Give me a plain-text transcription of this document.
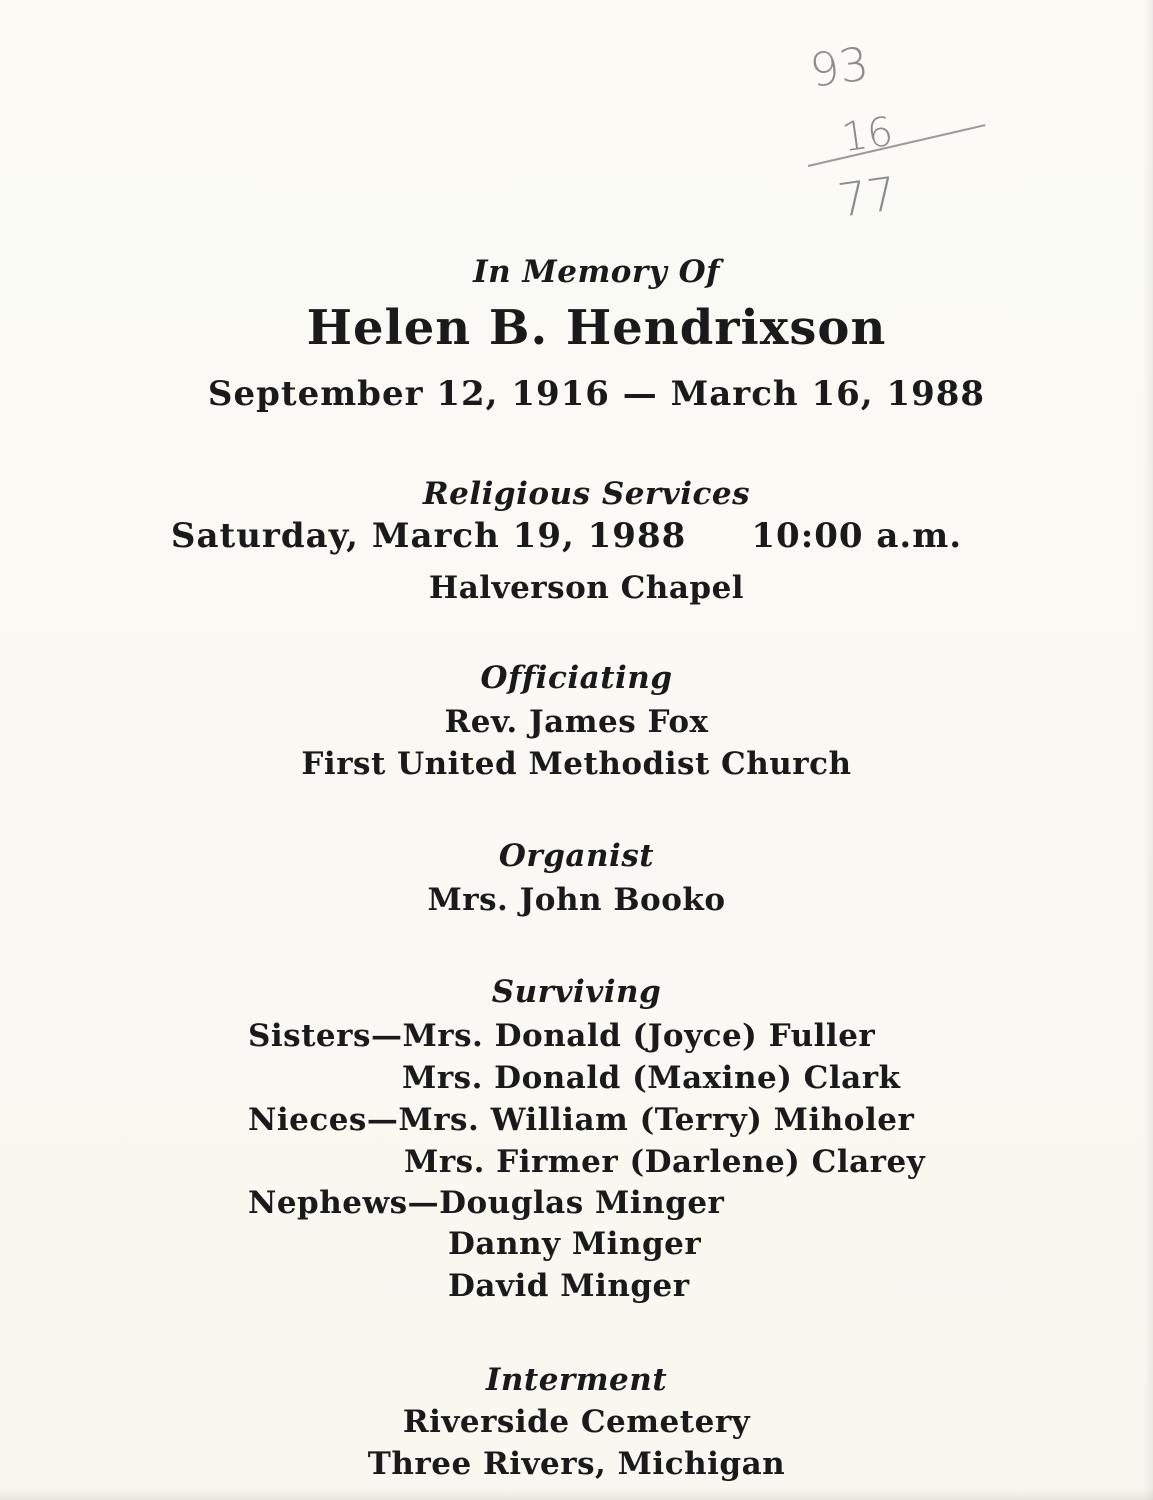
93
16
77
In Memory Of
Helen B. Hendrixson
September 12, 1916 — March 16, 1988
Religious Services
Saturday, March 19, 1988 10:00 a.m.
Halverson Chapel
Officiating
Rev. James Fox
First United Methodist Church
Organist
Mrs. John Booko
Surviving
Sisters—Mrs. Donald (Joyce) Fuller
Mrs. Donald (Maxine) Clark
Nieces—Mrs. William (Terry) Miholer
Mrs. Firmer (Darlene) Clarey
Nephews—Douglas Minger
Danny Minger
David Minger
Interment
Riverside Cemetery
Three Rivers, Michigan
